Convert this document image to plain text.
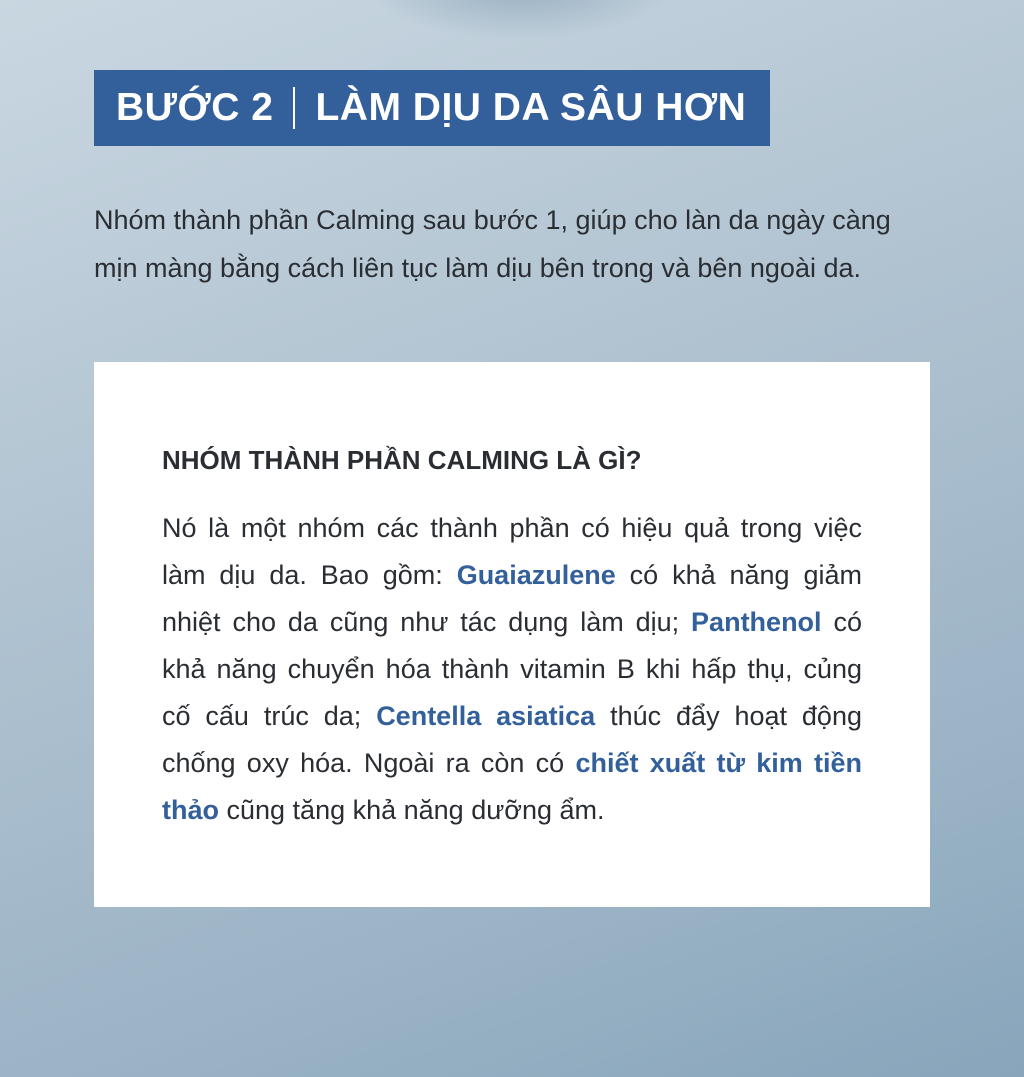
BƯỚC 2 LÀM DỊU DA SÂU HƠN

Nhóm thành phần Calming sau bước 1, giúp cho làn da ngày càng
mịn màng bằng cách liên tục làm dịu bên trong và bên ngoài da.

NHÓM THÀNH PHẦN CALMING LÀ GÌ?

Nó là một nhóm các thành phần có hiệu quả trong việc làm dịu da. Bao gồm: Guaiazulene có khả năng giảm nhiệt cho da cũng như tác dụng làm dịu; Panthenol có khả năng chuyển hóa thành vitamin B khi hấp thụ, củng cố cấu trúc da; Centella asiatica thúc đẩy hoạt động chống oxy hóa. Ngoài ra còn có chiết xuất từ kim tiền thảo cũng tăng khả năng dưỡng ẩm.
